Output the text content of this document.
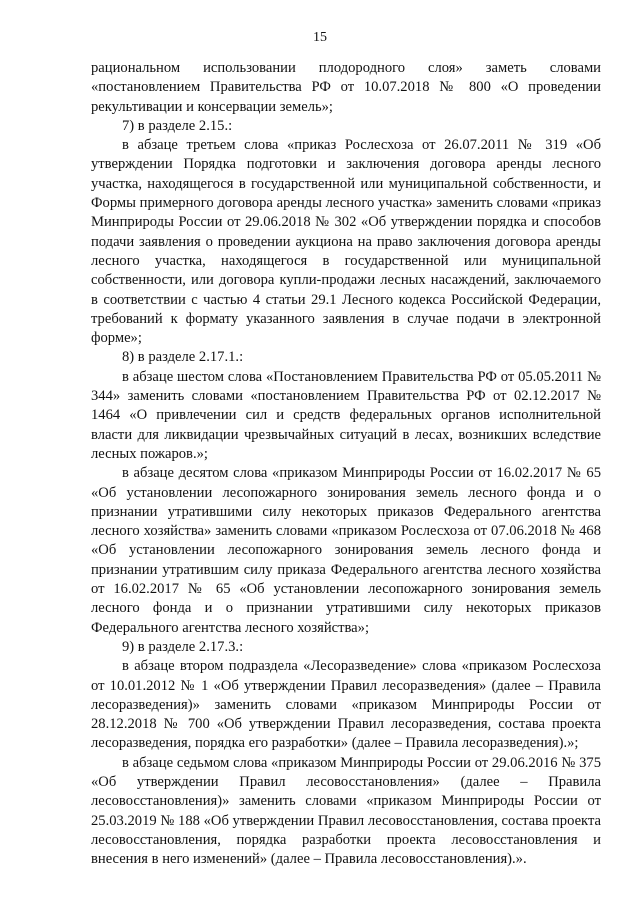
15

рациональном использовании плодородного слоя» заметь словами «постановлением Правительства РФ от 10.07.2018 № 800 «О проведении рекультивации и консервации земель»;

7) в разделе 2.15.:

в абзаце третьем слова «приказ Рослесхоза от 26.07.2011 № 319 «Об утверждении Порядка подготовки и заключения договора аренды лесного участка, находящегося в государственной или муниципальной собственности, и Формы примерного договора аренды лесного участка» заменить словами «приказ Минприроды России от 29.06.2018 № 302 «Об утверждении порядка и способов подачи заявления о проведении аукциона на право заключения договора аренды лесного участка, находящегося в государственной или муниципальной собственности, или договора купли-продажи лесных насаждений, заключаемого в соответствии с частью 4 статьи 29.1 Лесного кодекса Российской Федерации, требований к формату указанного заявления в случае подачи в электронной форме»;

8) в разделе 2.17.1.:

в абзаце шестом слова «Постановлением Правительства РФ от 05.05.2011 № 344» заменить словами «постановлением Правительства РФ от 02.12.2017 № 1464 «О привлечении сил и средств федеральных органов исполнительной власти для ликвидации чрезвычайных ситуаций в лесах, возникших вследствие лесных пожаров.»;

в абзаце десятом слова «приказом Минприроды России от 16.02.2017 № 65 «Об установлении лесопожарного зонирования земель лесного фонда и о признании утратившими силу некоторых приказов Федерального агентства лесного хозяйства» заменить словами «приказом Рослесхоза от 07.06.2018 № 468 «Об установлении лесопожарного зонирования земель лесного фонда и признании утратившим силу приказа Федерального агентства лесного хозяйства от 16.02.2017 № 65 «Об установлении лесопожарного зонирования земель лесного фонда и о признании утратившими силу некоторых приказов Федерального агентства лесного хозяйства»;

9) в разделе 2.17.3.:

в абзаце втором подраздела «Лесоразведение» слова «приказом Рослесхоза от 10.01.2012 № 1 «Об утверждении Правил лесоразведения» (далее – Правила лесоразведения)» заменить словами «приказом Минприроды России от 28.12.2018 № 700 «Об утверждении Правил лесоразведения, состава проекта лесоразведения, порядка его разработки» (далее – Правила лесоразведения).»;

в абзаце седьмом слова «приказом Минприроды России от 29.06.2016 № 375 «Об утверждении Правил лесовосстановления» (далее – Правила лесовосстановления)» заменить словами «приказом Минприроды России от 25.03.2019 № 188 «Об утверждении Правил лесовосстановления, состава проекта лесовосстановления, порядка разработки проекта лесовосстановления и внесения в него изменений» (далее – Правила лесовосстановления).».
